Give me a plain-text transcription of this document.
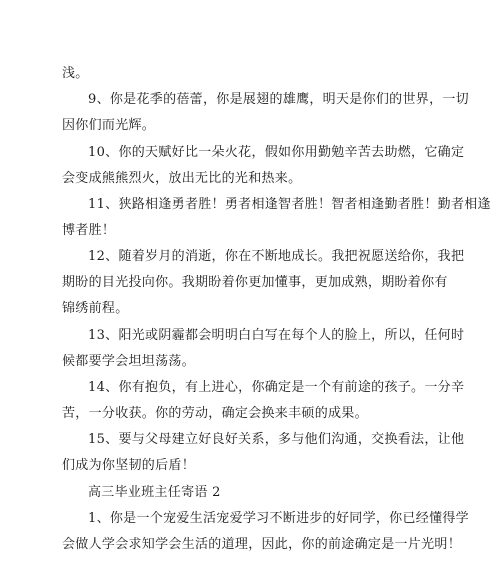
浅。
9、你是花季的蓓蕾，你是展翅的雄鹰，明天是你们的世界，一切
因你们而光辉。
10、你的天赋好比一朵火花，假如你用勤勉辛苦去助燃，它确定
会变成熊熊烈火，放出无比的光和热来。
11、狭路相逢勇者胜！勇者相逢智者胜！智者相逢勤者胜！勤者相逢
博者胜！
12、随着岁月的消逝，你在不断地成长。我把祝愿送给你，我把
期盼的目光投向你。我期盼着你更加懂事，更加成熟，期盼着你有
锦绣前程。
13、阳光或阴霾都会明明白白写在每个人的脸上，所以，任何时
候都要学会坦坦荡荡。
14、你有抱负，有上进心，你确定是一个有前途的孩子。一分辛
苦，一分收获。你的劳动，确定会换来丰硕的成果。
15、要与父母建立好良好关系，多与他们沟通，交换看法，让他
们成为你坚韧的后盾！
高三毕业班主任寄语 2
1、你是一个宠爱生活宠爱学习不断进步的好同学，你已经懂得学
会做人学会求知学会生活的道理，因此，你的前途确定是一片光明！
